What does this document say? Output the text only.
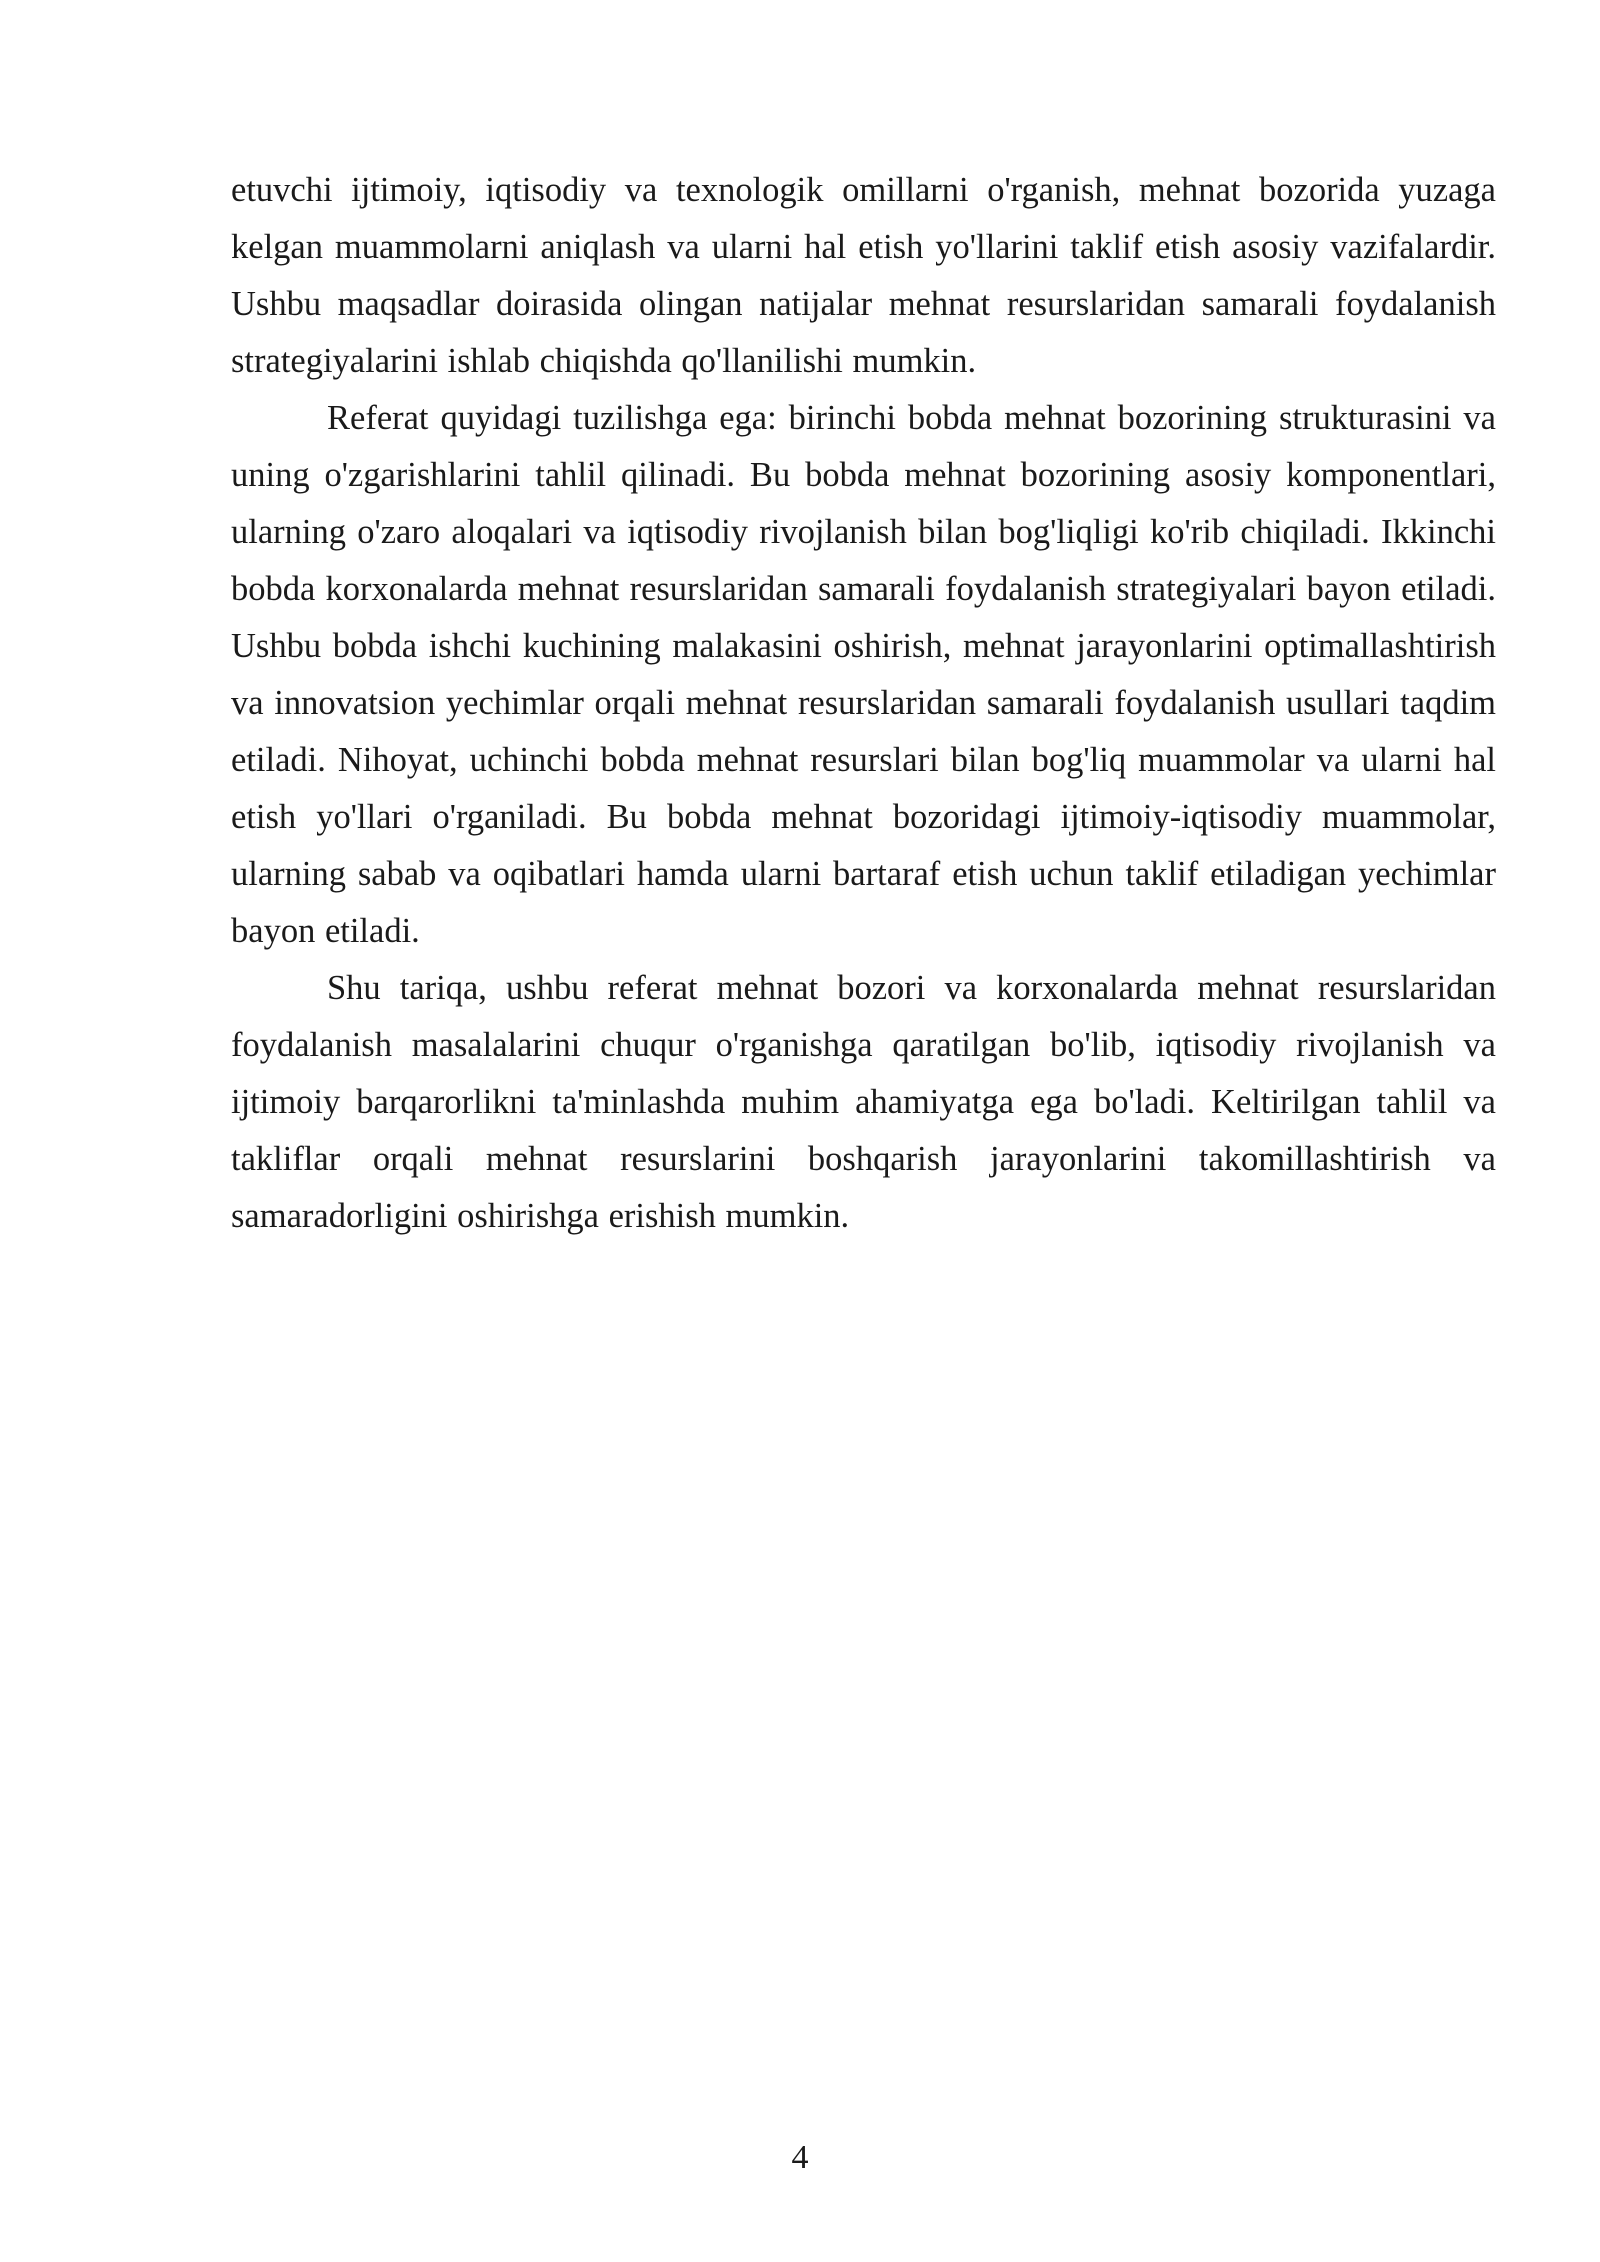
etuvchi ijtimoiy, iqtisodiy va texnologik omillarni o'rganish, mehnat bozorida yuzaga kelgan muammolarni aniqlash va ularni hal etish yo'llarini taklif etish asosiy vazifalardir. Ushbu maqsadlar doirasida olingan natijalar mehnat resurslaridan samarali foydalanish strategiyalarini ishlab chiqishda qo'llanilishi mumkin.

Referat quyidagi tuzilishga ega: birinchi bobda mehnat bozorining strukturasini va uning o'zgarishlarini tahlil qilinadi. Bu bobda mehnat bozorining asosiy komponentlari, ularning o'zaro aloqalari va iqtisodiy rivojlanish bilan bog'liqligi ko'rib chiqiladi. Ikkinchi bobda korxonalarda mehnat resurslaridan samarali foydalanish strategiyalari bayon etiladi. Ushbu bobda ishchi kuchining malakasini oshirish, mehnat jarayonlarini optimallashtirish va innovatsion yechimlar orqali mehnat resurslaridan samarali foydalanish usullari taqdim etiladi. Nihoyat, uchinchi bobda mehnat resurslari bilan bog'liq muammolar va ularni hal etish yo'llari o'rganiladi. Bu bobda mehnat bozoridagi ijtimoiy-iqtisodiy muammolar, ularning sabab va oqibatlari hamda ularni bartaraf etish uchun taklif etiladigan yechimlar bayon etiladi.

Shu tariqa, ushbu referat mehnat bozori va korxonalarda mehnat resurslaridan foydalanish masalalarini chuqur o'rganishga qaratilgan bo'lib, iqtisodiy rivojlanish va ijtimoiy barqarorlikni ta'minlashda muhim ahamiyatga ega bo'ladi. Keltirilgan tahlil va takliflar orqali mehnat resurslarini boshqarish jarayonlarini takomillashtirish va samaradorligini oshirishga erishish mumkin.

4
